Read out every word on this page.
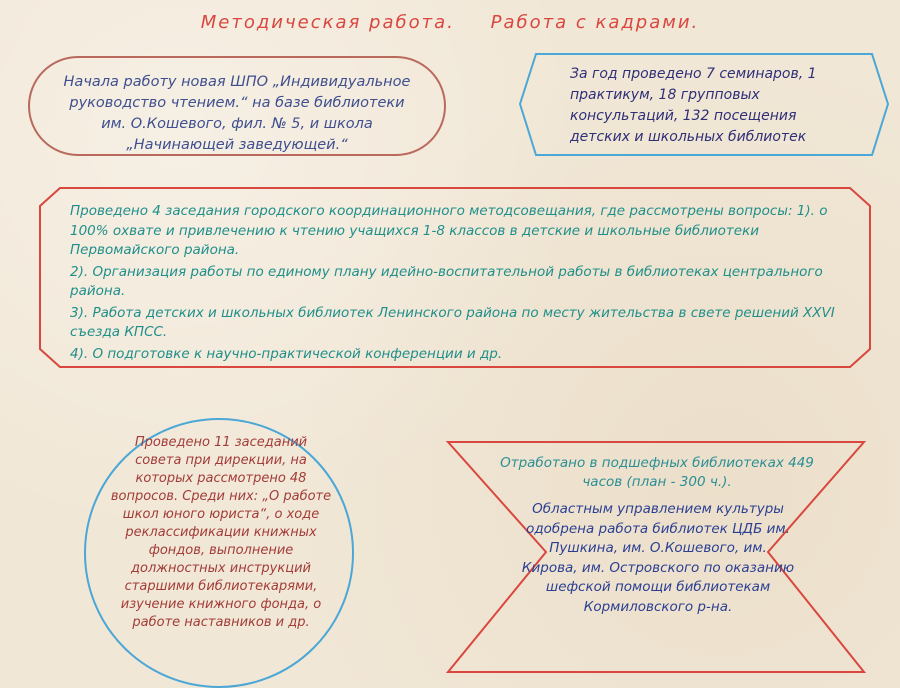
Методическая работа. Работа с кадрами.
Начала работу новая ШПО „Индивидуальное руководство чтением.“ на базе библиотеки им. О.Кошевого, фил. № 5, и школа „Начинающей заведующей.“
За год проведено 7 семинаров, 1 практикум, 18 групповых консультаций, 132 посещения детских и школьных библиотек

Проведено 4 заседания городского координационного методсовещания, где рассмотрены вопросы: 1). о 100% охвате и привлечению к чтению учащихся 1-8 классов в детские и школьные библиотеки Первомайского района.

2). Организация работы по единому плану идейно-воспитательной работы в библиотеках центрального района.

3). Работа детских и школьных библиотек Ленинского района по месту жительства в свете решений XXVI съезда КПСС.

4). О подготовке к научно-практической конференции и др.

Проведено 11 заседаний совета при дирекции, на которых рассмотрено 48 вопросов. Среди них: „О работе школ юного юриста“, о ходе реклассификации книжных фондов, выполнение должностных инструкций старшими библиотекарями, изучение книжного фонда, о работе наставников и др.
Отработано в подшефных библиотеках 449 часов (план - 300 ч.).
Областным управлением культуры одобрена работа библиотек ЦДБ им. Пушкина, им. О.Кошевого, им. Кирова, им. Островского по оказанию шефской помощи библиотекам Кормиловского р-на.
